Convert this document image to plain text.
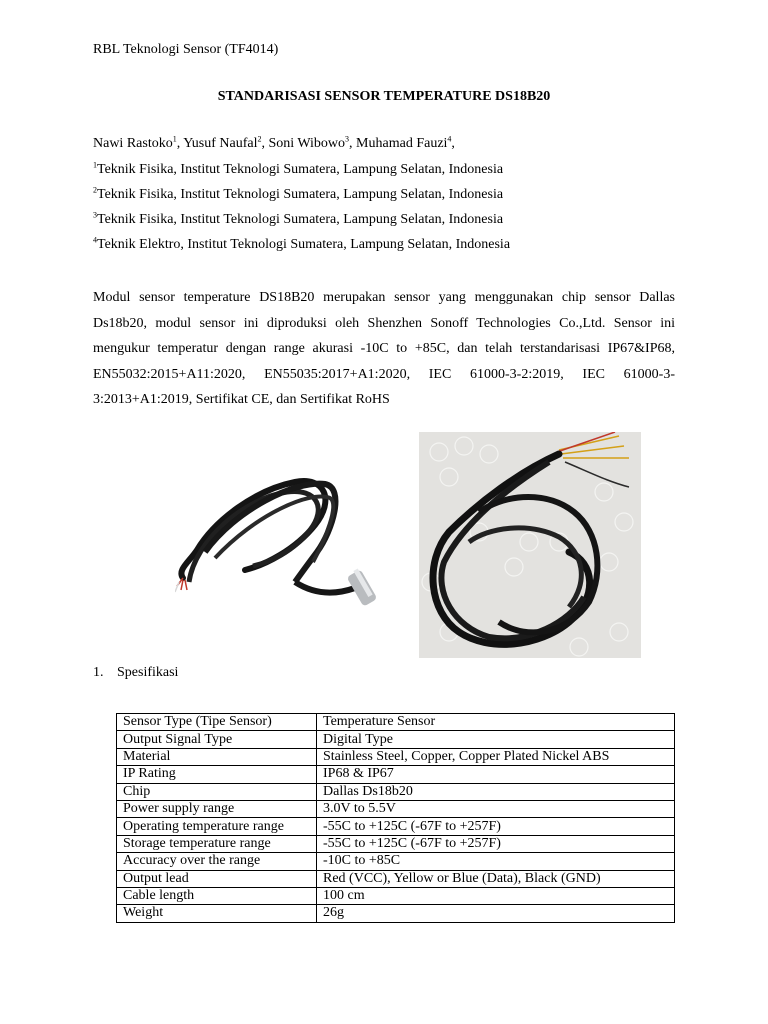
RBL Teknologi Sensor (TF4014)
STANDARISASI SENSOR TEMPERATURE DS18B20
Nawi Rastoko$^1$, Yusuf Naufal$^2$, Soni Wibowo$^3$, Muhamad Fauzi$^4$,
$^1$Teknik Fisika, Institut Teknologi Sumatera, Lampung Selatan, Indonesia
$^2$Teknik Fisika, Institut Teknologi Sumatera, Lampung Selatan, Indonesia
$^3$Teknik Fisika, Institut Teknologi Sumatera, Lampung Selatan, Indonesia
$^4$Teknik Elektro, Institut Teknologi Sumatera, Lampung Selatan, Indonesia
Modul sensor temperature DS18B20 merupakan sensor yang menggunakan chip sensor Dallas Ds18b20, modul sensor ini diproduksi oleh Shenzhen Sonoff Technologies Co.,Ltd. Sensor ini mengukur temperatur dengan range akurasi -10C to +85C, dan telah terstandarisasi IP67&IP68, EN55032:2015+A11:2020, EN55035:2017+A1:2020, IEC 61000-3-2:2019, IEC 61000-3-3:2013+A1:2019, Sertifikat CE, dan Sertifikat RoHS
1. Spesifikasi
Sensor Type (Tipe Sensor)	Temperature Sensor
Output Signal Type	Digital Type
Material	Stainless Steel, Copper, Copper Plated Nickel ABS
IP Rating	IP68 & IP67
Chip	Dallas Ds18b20
Power supply range	3.0V to 5.5V
Operating temperature range	-55C to +125C (-67F to +257F)
Storage temperature range	-55C to +125C (-67F to +257F)
Accuracy over the range	-10C to +85C
Output lead	Red (VCC), Yellow or Blue (Data), Black (GND)
Cable length	100 cm
Weight	26g
